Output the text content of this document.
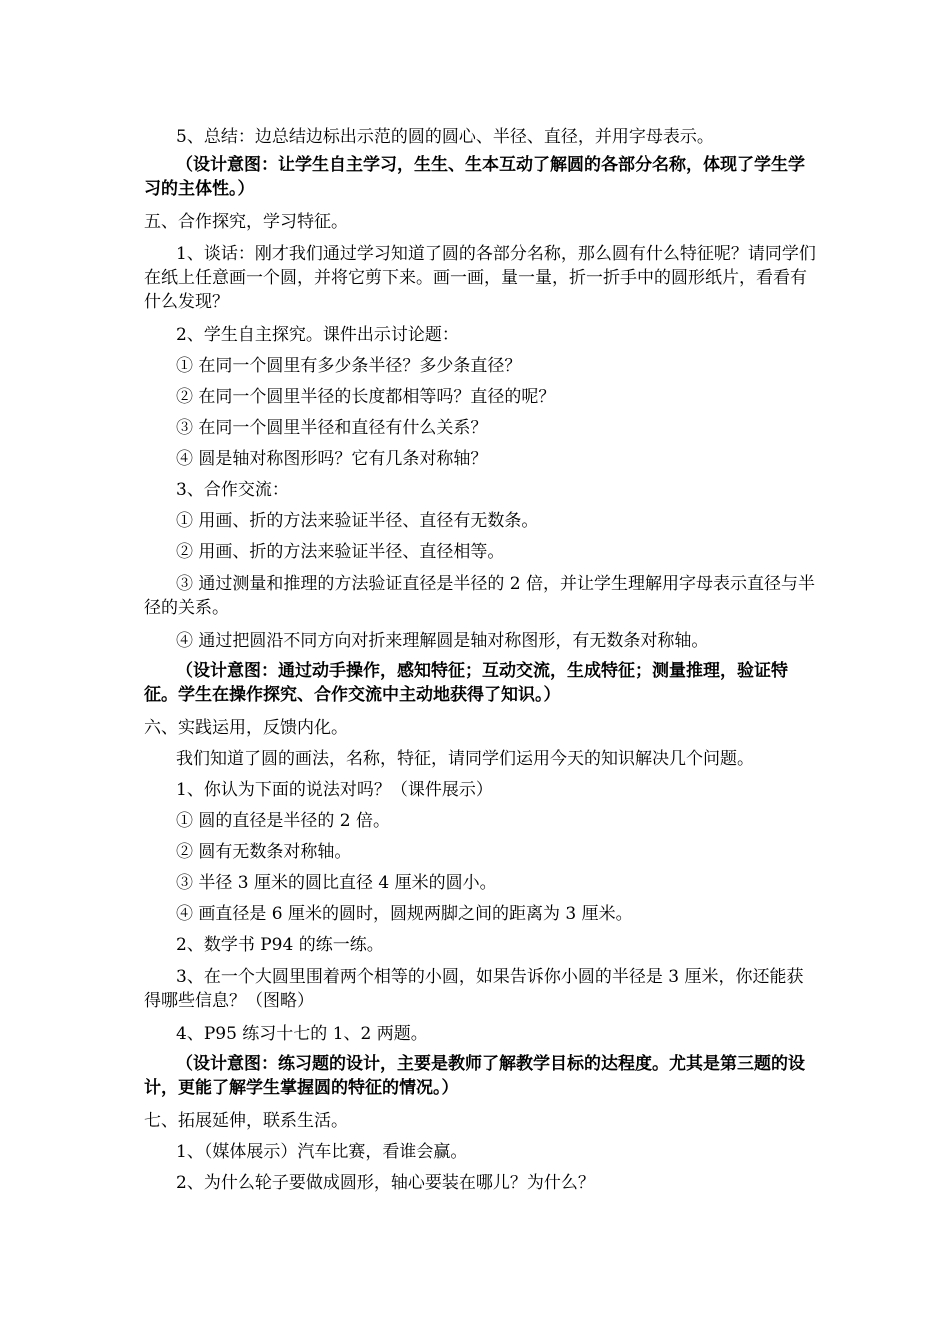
5、总结：边总结边标出示范的圆的圆心、半径、直径，并用字母表示。

（设计意图：让学生自主学习，生生、生本互动了解圆的各部分名称，体现了学生学习的主体性。）

五、合作探究，学习特征。

1、谈话：刚才我们通过学习知道了圆的各部分名称，那么圆有什么特征呢？请同学们在纸上任意画一个圆，并将它剪下来。画一画，量一量，折一折手中的圆形纸片，看看有什么发现？

2、学生自主探究。课件出示讨论题：

① 在同一个圆里有多少条半径？多少条直径？

② 在同一个圆里半径的长度都相等吗？直径的呢？

③ 在同一个圆里半径和直径有什么关系？

④ 圆是轴对称图形吗？它有几条对称轴？

3、合作交流：

① 用画、折的方法来验证半径、直径有无数条。

② 用画、折的方法来验证半径、直径相等。

③ 通过测量和推理的方法验证直径是半径的 2 倍，并让学生理解用字母表示直径与半径的关系。

④ 通过把圆沿不同方向对折来理解圆是轴对称图形，有无数条对称轴。

（设计意图：通过动手操作，感知特征；互动交流，生成特征；测量推理，验证特征。学生在操作探究、合作交流中主动地获得了知识。）

六、实践运用，反馈内化。

我们知道了圆的画法，名称，特征，请同学们运用今天的知识解决几个问题。

1、你认为下面的说法对吗？（课件展示）

① 圆的直径是半径的 2 倍。

② 圆有无数条对称轴。

③ 半径 3 厘米的圆比直径 4 厘米的圆小。

④ 画直径是 6 厘米的圆时，圆规两脚之间的距离为 3 厘米。

2、数学书 P94 的练一练。

3、在一个大圆里围着两个相等的小圆，如果告诉你小圆的半径是 3 厘米，你还能获得哪些信息？（图略）

4、P95 练习十七的 1、2 两题。

（设计意图：练习题的设计，主要是教师了解教学目标的达程度。尤其是第三题的设计，更能了解学生掌握圆的特征的情况。）

七、拓展延伸，联系生活。

1、（媒体展示）汽车比赛，看谁会赢。

2、为什么轮子要做成圆形，轴心要装在哪儿？为什么？
